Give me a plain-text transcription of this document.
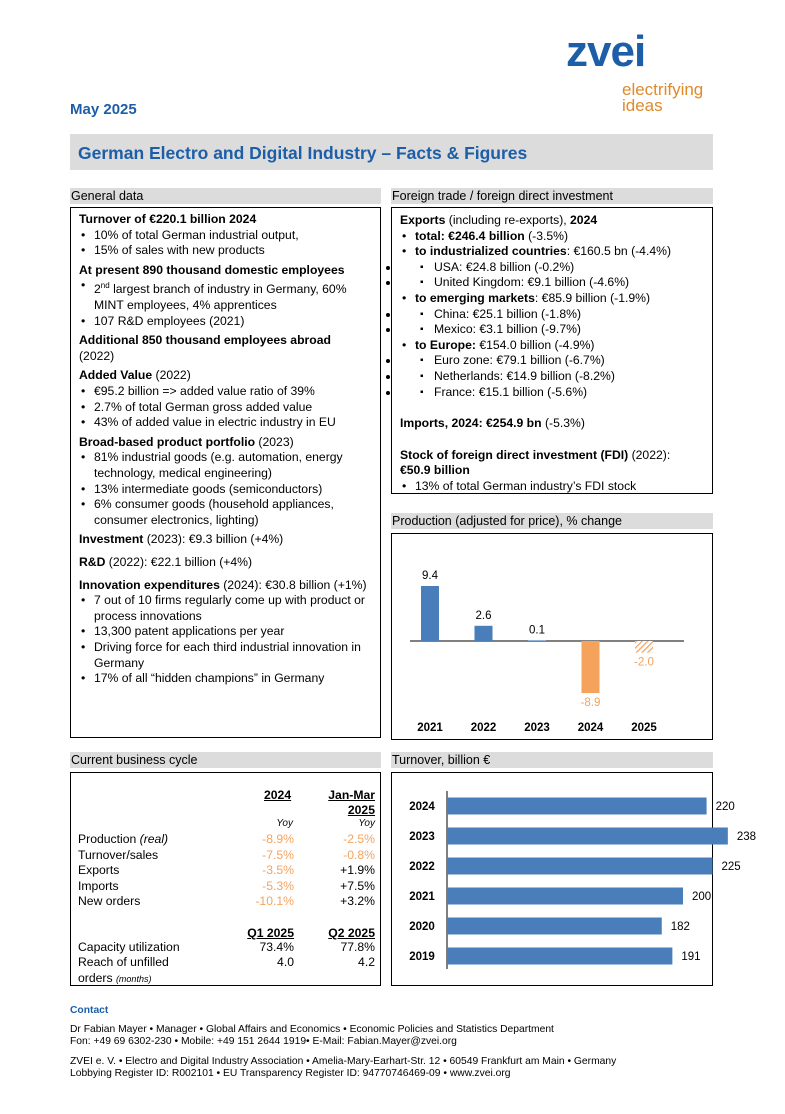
zvei
electrifying
ideas
May 2025
German Electro and Digital Industry – Facts & Figures
General data
Turnover of €220.1 billion 2024
• 10% of total German industrial output,
• 15% of sales with new products
At present 890 thousand domestic employees
• 2nd largest branch of industry in Germany, 60% MINT employees, 4% apprentices
• 107 R&D employees (2021)
Additional 850 thousand employees abroad
(2022)
Added Value (2022)
• €95.2 billion => added value ratio of 39%
• 2.7% of total German gross added value
• 43% of added value in electric industry in EU
Broad-based product portfolio (2023)
• 81% industrial goods (e.g. automation, energy technology, medical engineering)
• 13% intermediate goods (semiconductors)
• 6% consumer goods (household appliances, consumer electronics, lighting)
Investment (2023): €9.3 billion (+4%)
R&D (2022): €22.1 billion (+4%)
Innovation expenditures (2024): €30.8 billion (+1%)
• 7 out of 10 firms regularly come up with product or process innovations
• 13,300 patent applications per year
• Driving force for each third industrial innovation in Germany
• 17% of all “hidden champions” in Germany
Foreign trade / foreign direct investment
Exports (including re-exports), 2024
• total: €246.4 billion (-3.5%)
• to industrialized countries: €160.5 bn (-4.4%)
▪ • USA: €24.8 billion (-0.2%)
▪ • United Kingdom: €9.1 billion (-4.6%)
• to emerging markets: €85.9 billion (-1.9%)
▪ • China: €25.1 billion (-1.8%)
▪ • Mexico: €3.1 billion (-9.7%)
• to Europe: €154.0 billion (-4.9%)
▪ • Euro zone: €79.1 billion (-6.7%)
▪ • Netherlands: €14.9 billion (-8.2%)
▪ • France: €15.1 billion (-5.6%)
Imports, 2024: €254.9 bn (-5.3%)
Stock of foreign direct investment (FDI) (2022):
€50.9 billion
• 13% of total German industry’s FDI stock
Production (adjusted for price), % change
9.4
2021
2.6
2022
0.1
2023
-8.9
2024
-2.0
2025
Current business cycle
2024	Jan-Mar
2025
Yoy	Yoy
Production (real)	-8.9%	-2.5%
Turnover/sales	-7.5%	-0.8%
Exports	-3.5%	+1.9%
Imports	-5.3%	+7.5%
New orders	-10.1%	+3.2%
Q1 2025	Q2 2025
Capacity utilization	73.4%	77.8%
Reach of unfilled
orders (months)
4.0	4.2
Turnover, billion €
2024	220
2023	238
2022	225
2021	200
2020	182
2019	191
Contact
Dr Fabian Mayer • Manager • Global Affairs and Economics • Economic Policies and Statistics Department
Fon: +49 69 6302-230 • Mobile: +49 151 2644 1919• E-Mail: Fabian.Mayer@zvei.org
ZVEI e. V. • Electro and Digital Industry Association • Amelia-Mary-Earhart-Str. 12 • 60549 Frankfurt am Main • Germany
Lobbying Register ID: R002101 • EU Transparency Register ID: 94770746469-09 • www.zvei.org
